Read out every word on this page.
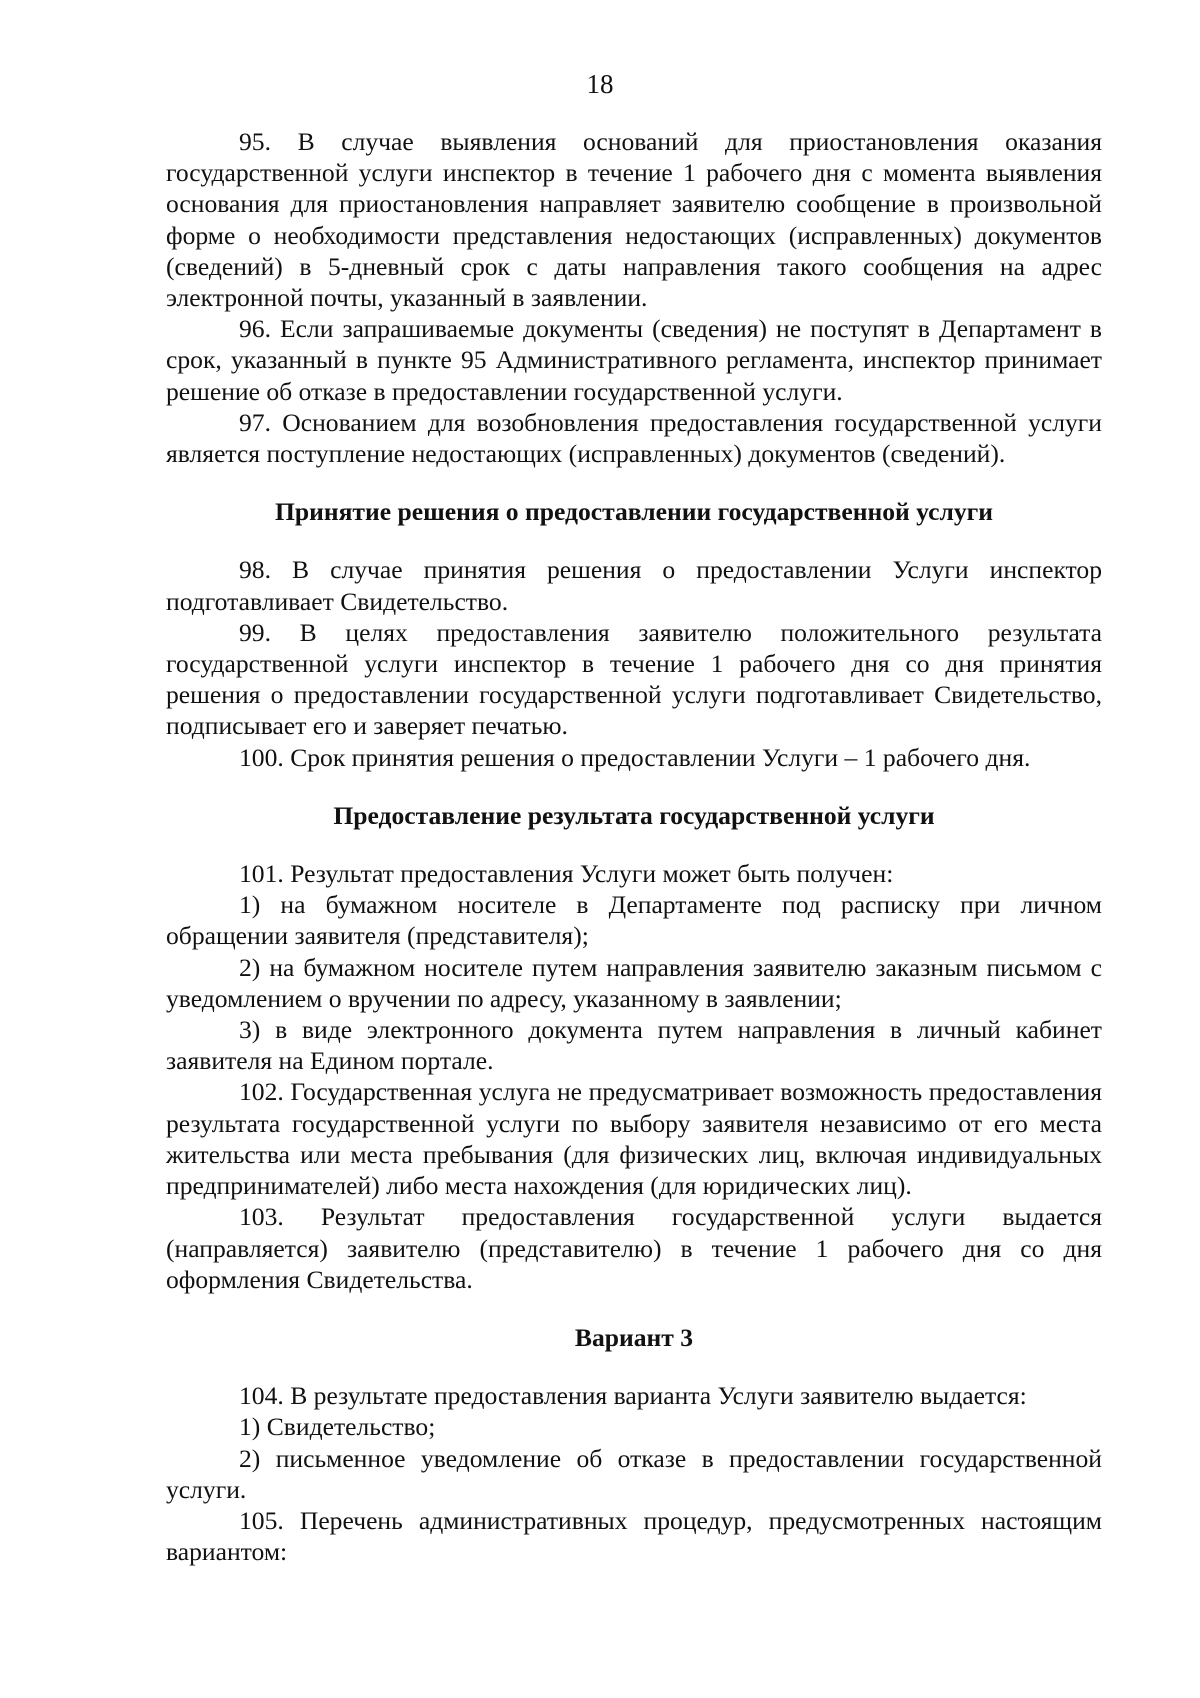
18

95. В случае выявления оснований для приостановления оказания государственной услуги инспектор в течение 1 рабочего дня с момента выявления основания для приостановления направляет заявителю сообщение в произвольной форме о необходимости представления недостающих (исправленных) документов (сведений) в 5-дневный срок с даты направления такого сообщения на адрес электронной почты, указанный в заявлении.

96. Если запрашиваемые документы (сведения) не поступят в Департамент в срок, указанный в пункте 95 Административного регламента, инспектор принимает решение об отказе в предоставлении государственной услуги.

97. Основанием для возобновления предоставления государственной услуги является поступление недостающих (исправленных) документов (сведений).

Принятие решения о предоставлении государственной услуги

98. В случае принятия решения о предоставлении Услуги инспектор подготавливает Свидетельство.

99. В целях предоставления заявителю положительного результата государственной услуги инспектор в течение 1 рабочего дня со дня принятия решения о предоставлении государственной услуги подготавливает Свидетельство, подписывает его и заверяет печатью.

100. Срок принятия решения о предоставлении Услуги – 1 рабочего дня.

Предоставление результата государственной услуги

101. Результат предоставления Услуги может быть получен:

1) на бумажном носителе в Департаменте под расписку при личном обращении заявителя (представителя);

2) на бумажном носителе путем направления заявителю заказным письмом с уведомлением о вручении по адресу, указанному в заявлении;

3) в виде электронного документа путем направления в личный кабинет заявителя на Едином портале.

102. Государственная услуга не предусматривает возможность предоставления результата государственной услуги по выбору заявителя независимо от его места жительства или места пребывания (для физических лиц, включая индивидуальных предпринимателей) либо места нахождения (для юридических лиц).

103. Результат предоставления государственной услуги выдается (направляется) заявителю (представителю) в течение 1 рабочего дня со дня оформления Свидетельства.

Вариант 3

104. В результате предоставления варианта Услуги заявителю выдается:

1) Свидетельство;

2) письменное уведомление об отказе в предоставлении государственной услуги.

105. Перечень административных процедур, предусмотренных настоящим вариантом:
